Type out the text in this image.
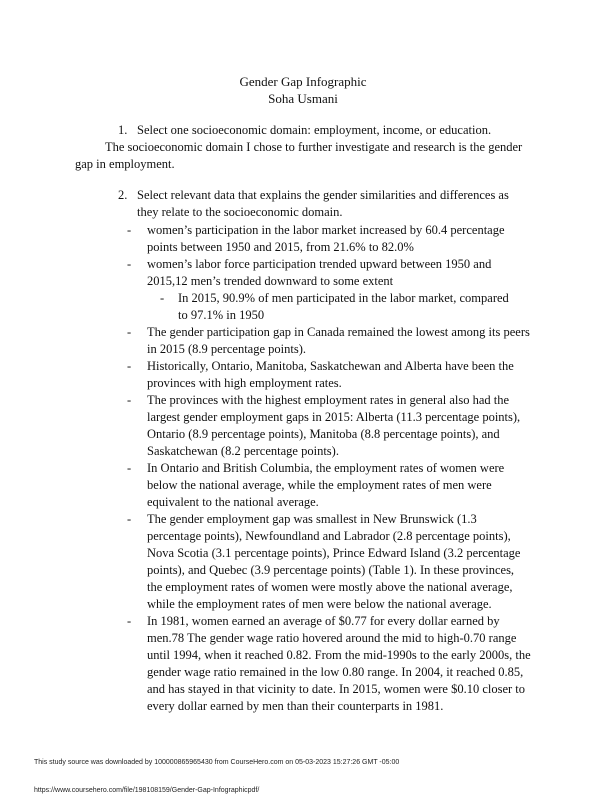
Gender Gap Infographic
Soha Usmani
1. Select one socioeconomic domain: employment, income, or education.
The socioeconomic domain I chose to further investigate and research is the gender gap in employment.
2. Select relevant data that explains the gender similarities and differences as they relate to the socioeconomic domain.
- women’s participation in the labor market increased by 60.4 percentage points between 1950 and 2015, from 21.6% to 82.0%
- women’s labor force participation trended upward between 1950 and 2015,12 men’s trended downward to some extent
- In 2015, 90.9% of men participated in the labor market, compared to 97.1% in 1950
- The gender participation gap in Canada remained the lowest among its peers in 2015 (8.9 percentage points).
- Historically, Ontario, Manitoba, Saskatchewan and Alberta have been the provinces with high employment rates.
- The provinces with the highest employment rates in general also had the largest gender employment gaps in 2015: Alberta (11.3 percentage points), Ontario (8.9 percentage points), Manitoba (8.8 percentage points), and Saskatchewan (8.2 percentage points).
- In Ontario and British Columbia, the employment rates of women were below the national average, while the employment rates of men were equivalent to the national average.
- The gender employment gap was smallest in New Brunswick (1.3 percentage points), Newfoundland and Labrador (2.8 percentage points), Nova Scotia (3.1 percentage points), Prince Edward Island (3.2 percentage points), and Quebec (3.9 percentage points) (Table 1). In these provinces, the employment rates of women were mostly above the national average, while the employment rates of men were below the national average.
- In 1981, women earned an average of $0.77 for every dollar earned by men.78 The gender wage ratio hovered around the mid to high-0.70 range until 1994, when it reached 0.82. From the mid-1990s to the early 2000s, the gender wage ratio remained in the low 0.80 range. In 2004, it reached 0.85, and has stayed in that vicinity to date. In 2015, women were $0.10 closer to every dollar earned by men than their counterparts in 1981.
This study source was downloaded by 100000865965430 from CourseHero.com on 05-03-2023 15:27:26 GMT -05:00
https://www.coursehero.com/file/198108159/Gender-Gap-Infographicpdf/
